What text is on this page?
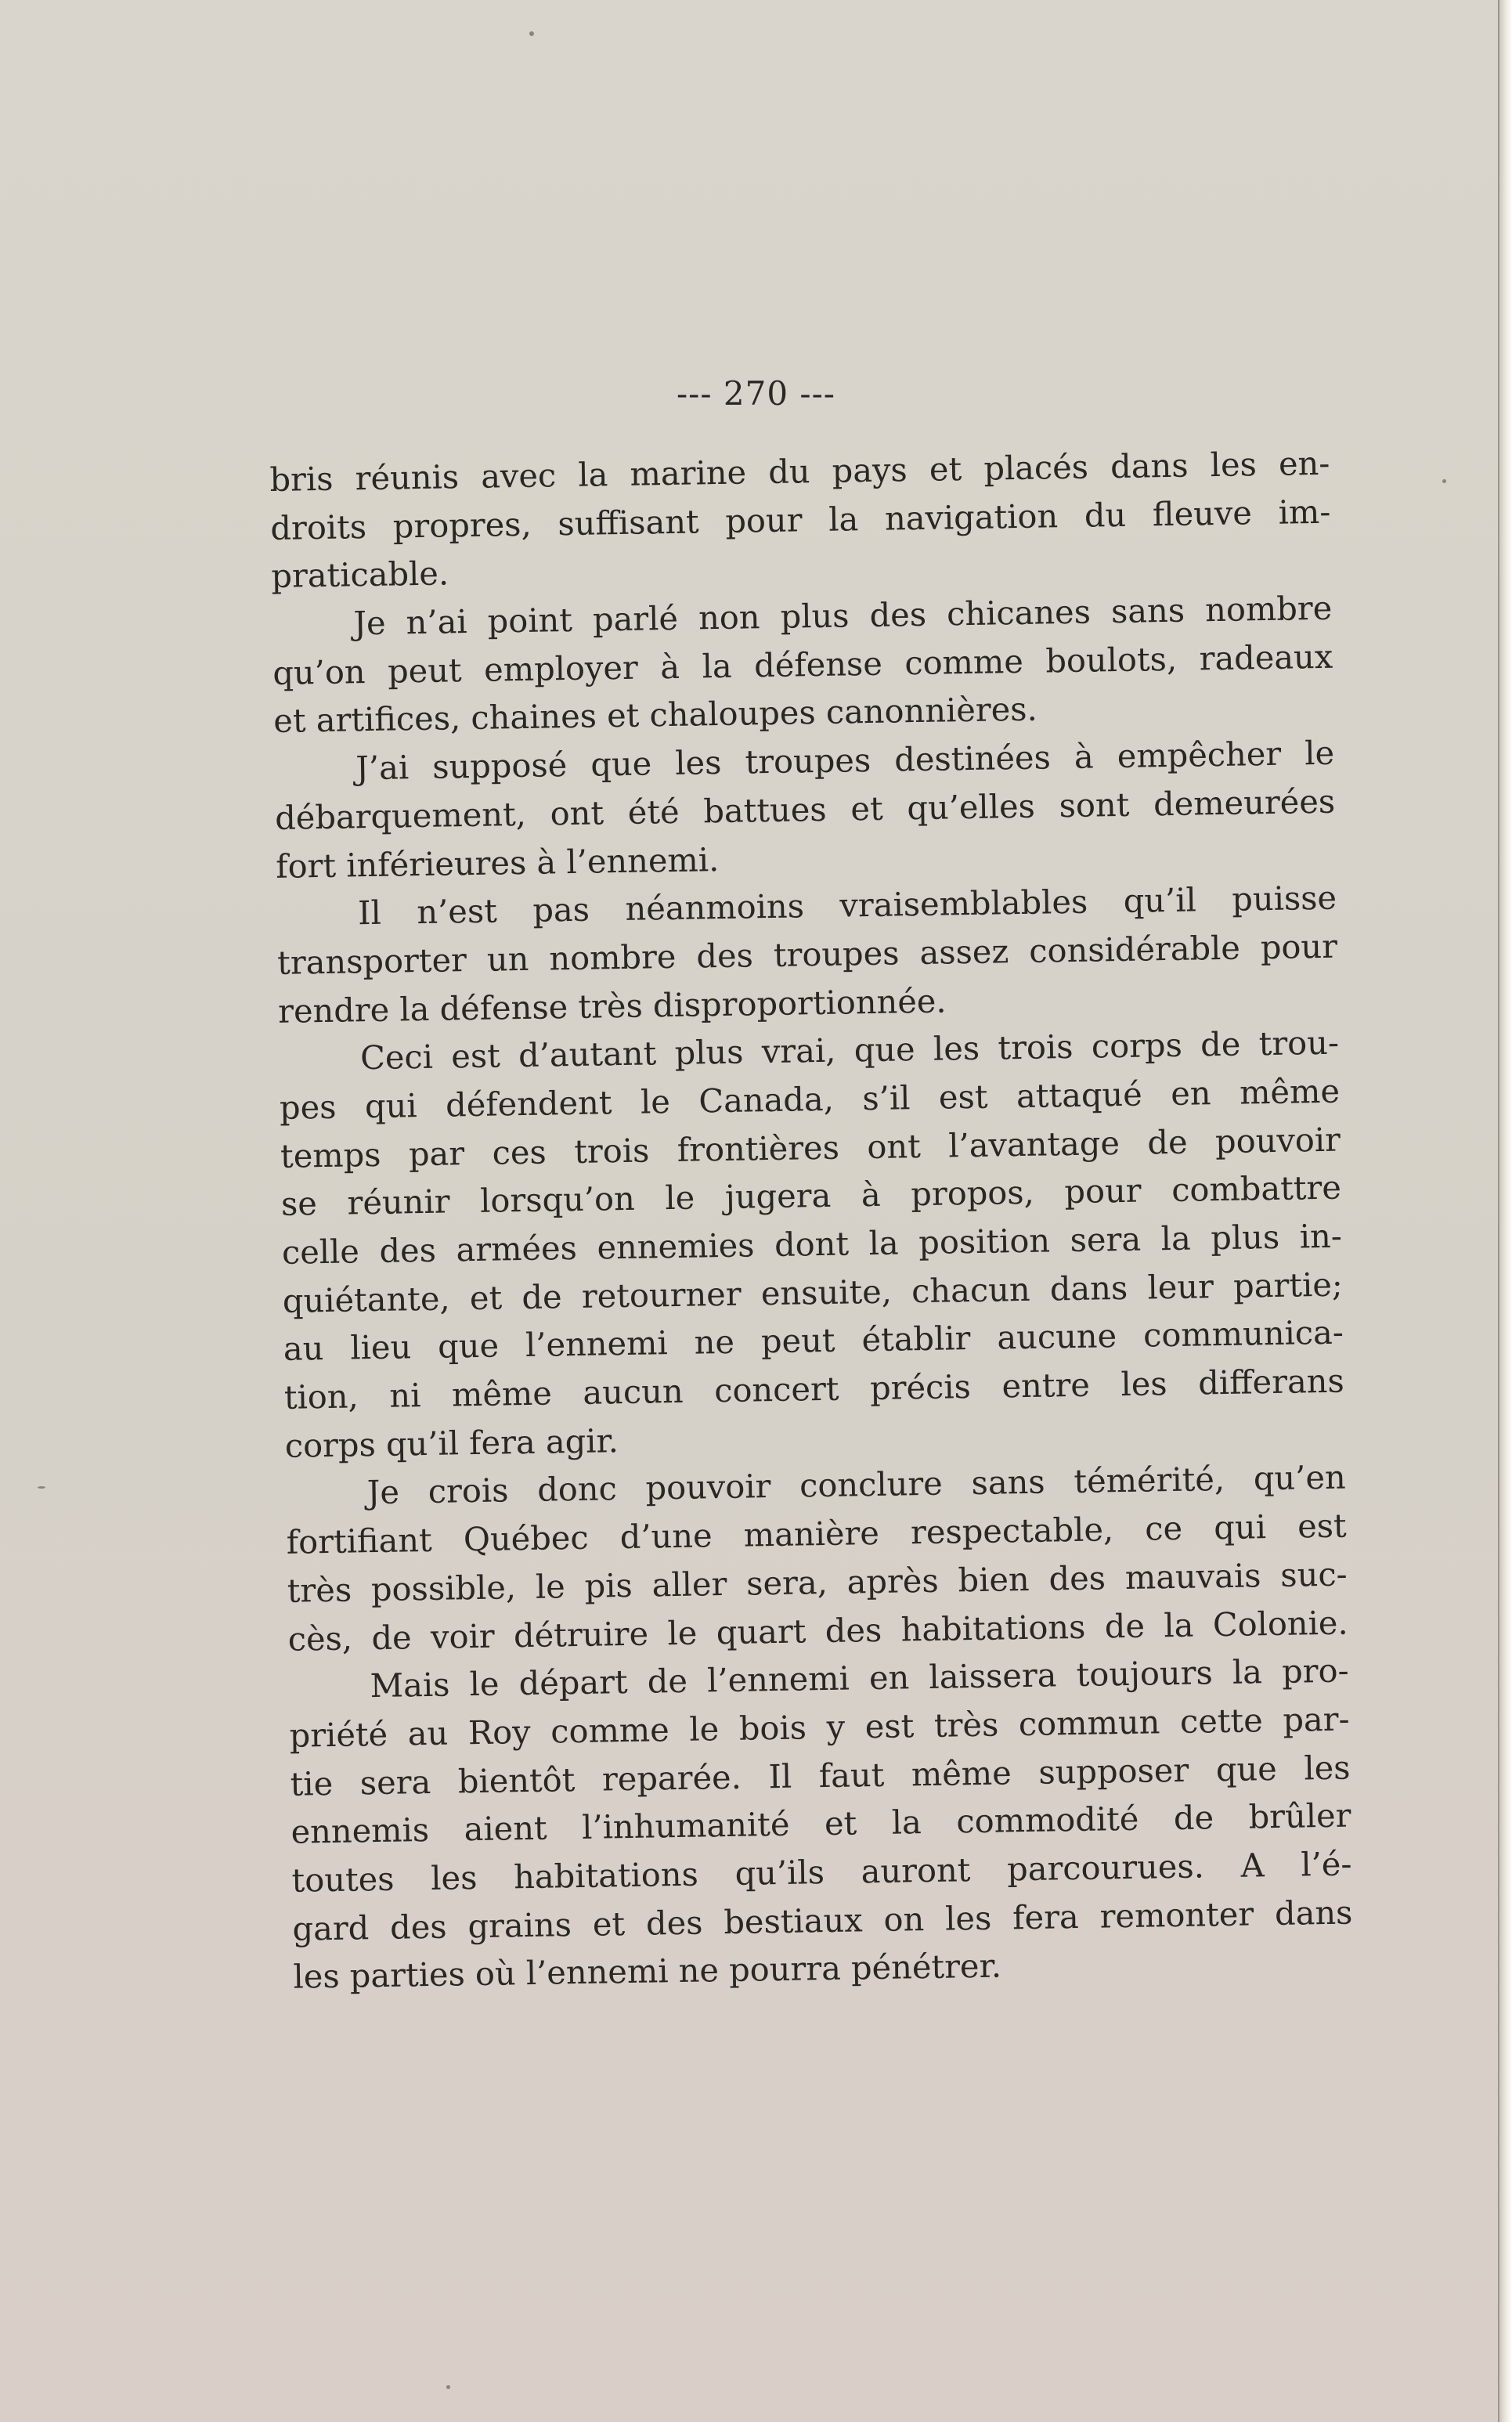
--- 270 ---
bris réunis avec la marine du pays et placés dans les en-
droits propres, suffisant pour la navigation du fleuve im-
praticable.
Je n’ai point parlé non plus des chicanes sans nombre
qu’on peut employer à la défense comme boulots, radeaux
et artifices, chaines et chaloupes canonnières.
J’ai supposé que les troupes destinées à empêcher le
débarquement, ont été battues et qu’elles sont demeurées
fort inférieures à l’ennemi.
Il n’est pas néanmoins vraisemblables qu’il puisse
transporter un nombre des troupes assez considérable pour
rendre la défense très disproportionnée.
Ceci est d’autant plus vrai, que les trois corps de trou-
pes qui défendent le Canada, s’il est attaqué en même
temps par ces trois frontières ont l’avantage de pouvoir
se réunir lorsqu’on le jugera à propos, pour combattre
celle des armées ennemies dont la position sera la plus in-
quiétante, et de retourner ensuite, chacun dans leur partie;
au lieu que l’ennemi ne peut établir aucune communica-
tion, ni même aucun concert précis entre les differans
corps qu’il fera agir.
Je crois donc pouvoir conclure sans témérité, qu’en
fortifiant Québec d’une manière respectable, ce qui est
très possible, le pis aller sera, après bien des mauvais suc-
cès, de voir détruire le quart des habitations de la Colonie.
Mais le départ de l’ennemi en laissera toujours la pro-
priété au Roy comme le bois y est très commun cette par-
tie sera bientôt reparée. Il faut même supposer que les
ennemis aient l’inhumanité et la commodité de brûler
toutes les habitations qu’ils auront parcourues. A l’é-
gard des grains et des bestiaux on les fera remonter dans
les parties où l’ennemi ne pourra pénétrer.
